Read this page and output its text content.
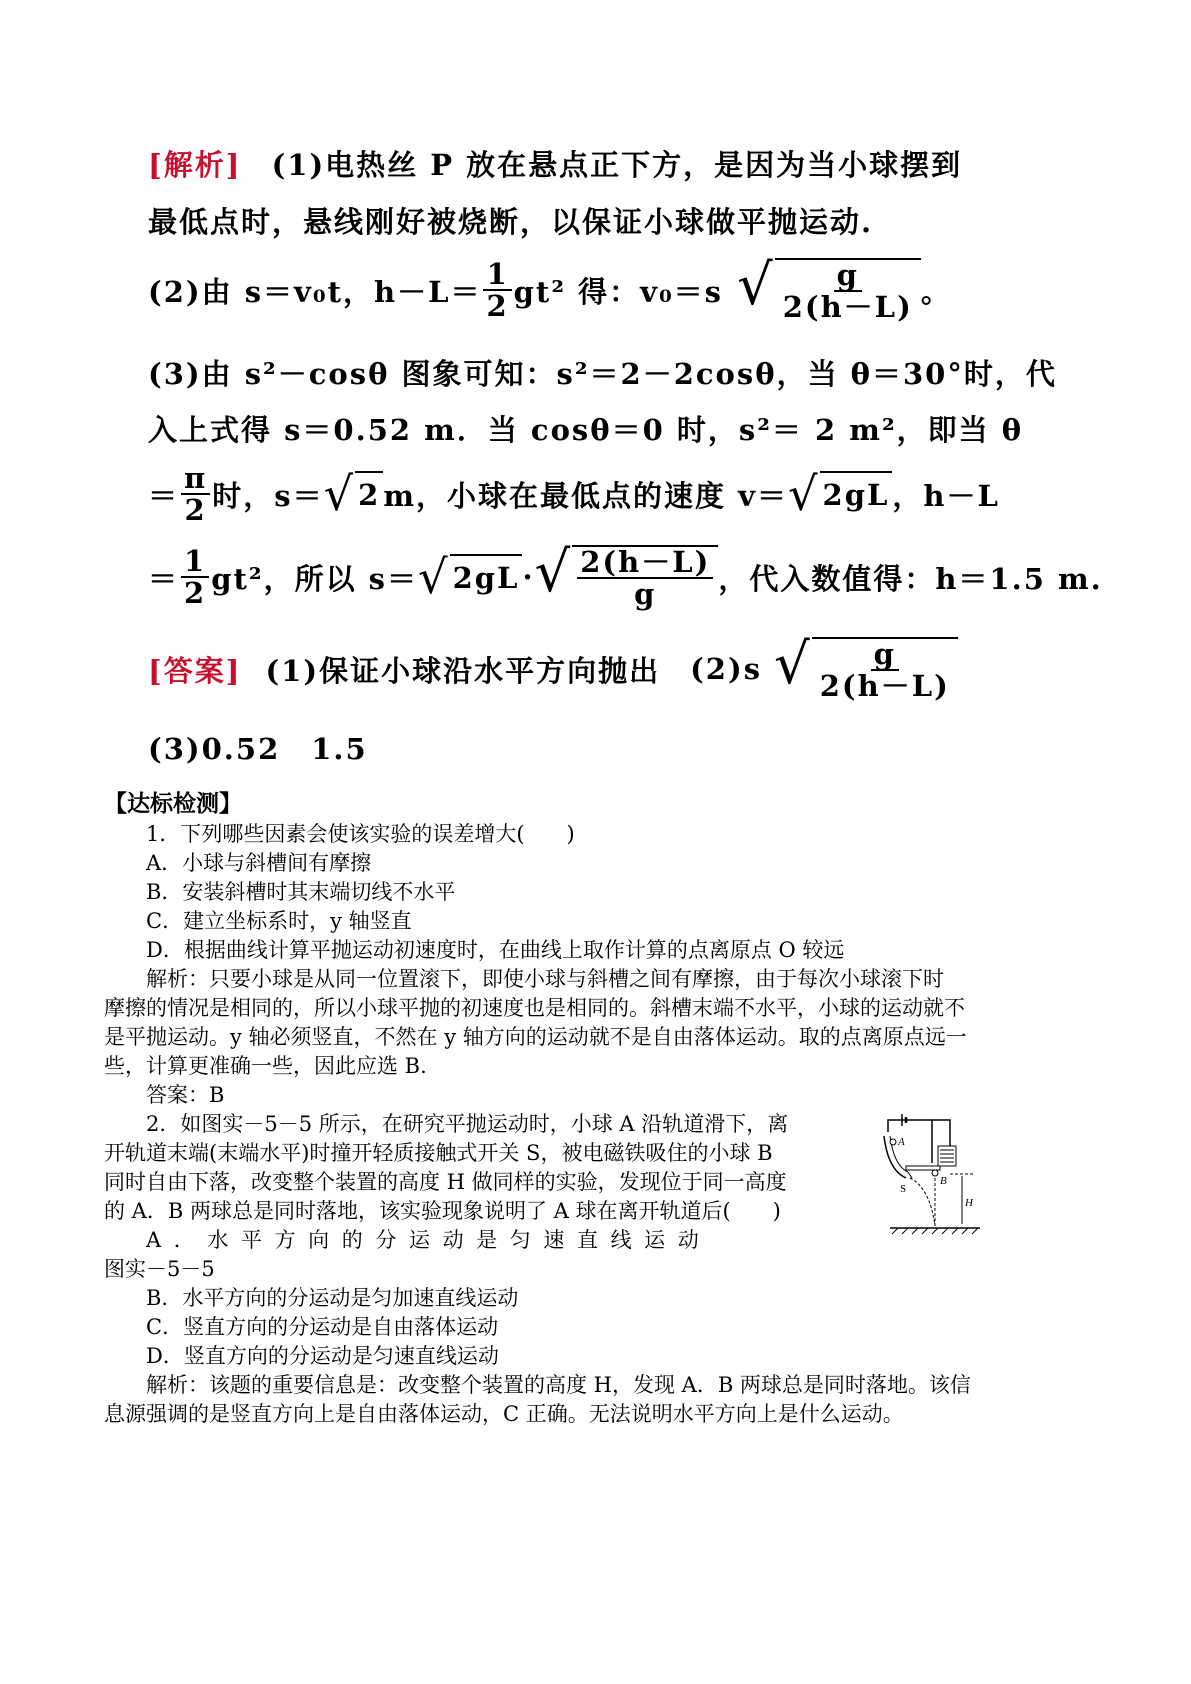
[解析] (1)电热丝 P 放在悬点正下方，是因为当小球摆到
最低点时，悬线刚好被烧断，以保证小球做平抛运动.
(2)由 s＝v₀t，$h-L= \frac{1}{2} gt^2$ 得：v₀＝s √ $\frac{g}{2(h-L)}$ 。
(3)由 s²－cosθ 图象可知：s²＝2－2cosθ，当 θ＝30°时，代
入上式得 s＝0.52 m．当 cosθ＝0 时，s²＝ 2 m²，即当 θ
＝ $\frac{\pi}{2}$ 时，s＝ √ 2 m，小球在最低点的速度 v＝ √ 2gL ，h－L
＝ $\frac{1}{2} gt^2$，所以 s＝ √ 2gL · √ $\frac{2(h-L)}{g}$ ，代入数值得：h＝1.5 m.
[答案] (1)保证小球沿水平方向抛出 (2)s √ $\frac{g}{2(h-L)}$
(3)0.52　1.5
【达标检测】
1．下列哪些因素会使该实验的误差增大(　　)
A．小球与斜槽间有摩擦
B．安装斜槽时其末端切线不水平
C．建立坐标系时，y 轴竖直
D．根据曲线计算平抛运动初速度时，在曲线上取作计算的点离原点 O 较远
解析：只要小球是从同一位置滚下，即使小球与斜槽之间有摩擦，由于每次小球滚下时
摩擦的情况是相同的，所以小球平抛的初速度也是相同的。斜槽末端不水平，小球的运动就不
是平抛运动。y 轴必须竖直，不然在 y 轴方向的运动就不是自由落体运动。取的点离原点远一
些，计算更准确一些，因此应选 B.
答案：B
2．如图实－5－5 所示，在研究平抛运动时，小球 A 沿轨道滑下，离
开轨道末端(末端水平)时撞开轻质接触式开关 S，被电磁铁吸住的小球 B
同时自由下落，改变整个装置的高度 H 做同样的实验，发现位于同一高度
的 A．B 两球总是同时落地，该实验现象说明了 A 球在离开轨道后(　　)
A．水平方向的分运动是匀速直线运动
图实－5－5
B．水平方向的分运动是匀加速直线运动
C．竖直方向的分运动是自由落体运动
D．竖直方向的分运动是匀速直线运动
解析：该题的重要信息是：改变整个装置的高度 H，发现 A．B 两球总是同时落地。该信
息源强调的是竖直方向上是自由落体运动，C 正确。无法说明水平方向上是什么运动。
A
B
S
H
